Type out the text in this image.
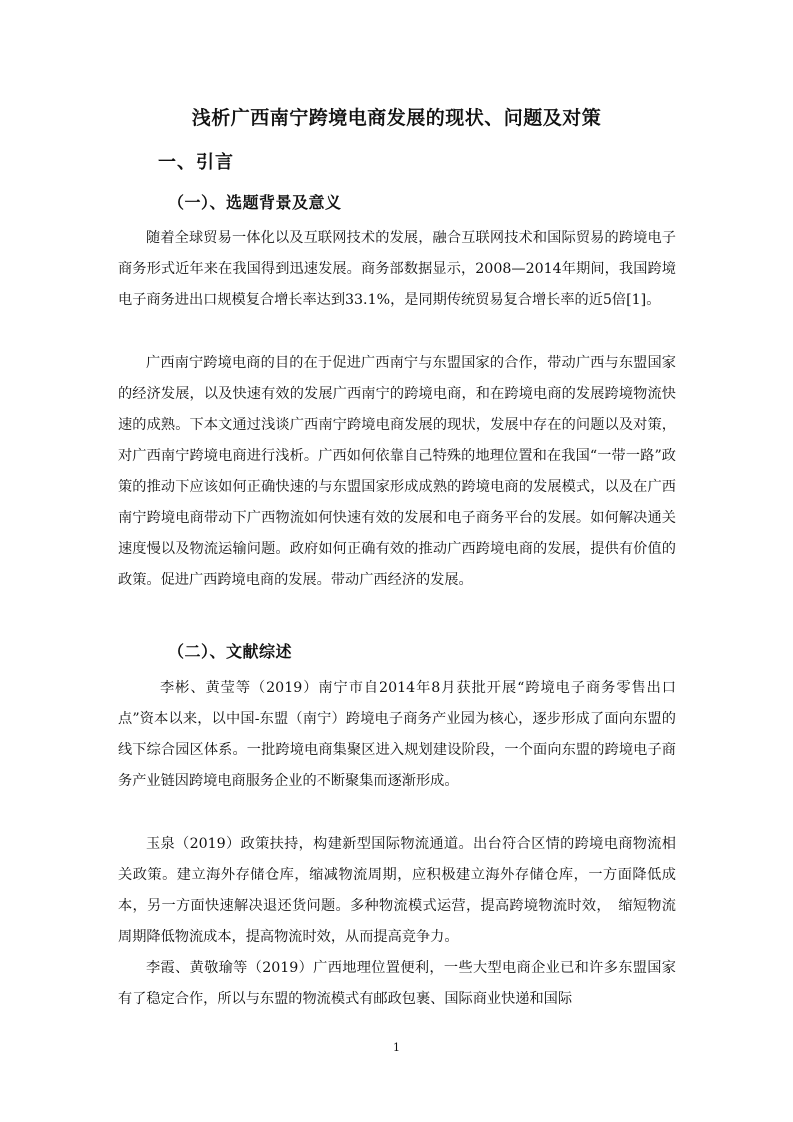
浅析广西南宁跨境电商发展的现状、问题及对策
一、引言
（一）、选题背景及意义

随着全球贸易一体化以及互联网技术的发展，融合互联网技术和国际贸易的跨境电子商务形式近年来在我国得到迅速发展。商务部数据显示，2008—2014年期间，我国跨境电子商务进出口规模复合增长率达到33.1%，是同期传统贸易复合增长率的近5倍[1]。

广西南宁跨境电商的目的在于促进广西南宁与东盟国家的合作，带动广西与东盟国家的经济发展，以及快速有效的发展广西南宁的跨境电商，和在跨境电商的发展跨境物流快速的成熟。下本文通过浅谈广西南宁跨境电商发展的现状，发展中存在的问题以及对策，对广西南宁跨境电商进行浅析。广西如何依靠自己特殊的地理位置和在我国“一带一路”政策的推动下应该如何正确快速的与东盟国家形成成熟的跨境电商的发展模式，以及在广西南宁跨境电商带动下广西物流如何快速有效的发展和电子商务平台的发展。如何解决通关速度慢以及物流运输问题。政府如何正确有效的推动广西跨境电商的发展，提供有价值的政策。促进广西跨境电商的发展。带动广西经济的发展。

（二）、文献综述

李彬、黄莹等（2019）南宁市自2014年8月获批开展“跨境电子商务零售出口点”资本以来，以中国-东盟（南宁）跨境电子商务产业园为核心，逐步形成了面向东盟的线下综合园区体系。一批跨境电商集聚区进入规划建设阶段，一个面向东盟的跨境电子商务产业链因跨境电商服务企业的不断聚集而逐渐形成。

玉泉（2019）政策扶持，构建新型国际物流通道。出台符合区情的跨境电商物流相关政策。建立海外存储仓库，缩减物流周期，应积极建立海外存储仓库，一方面降低成本，另一方面快速解决退还货问题。多种物流模式运营，提高跨境物流时效，　缩短物流周期降低物流成本，提高物流时效，从而提高竞争力。

李霞、黄敬瑜等（2019）广西地理位置便利，一些大型电商企业已和许多东盟国家有了稳定合作，所以与东盟的物流模式有邮政包裹、国际商业快递和国际

1
